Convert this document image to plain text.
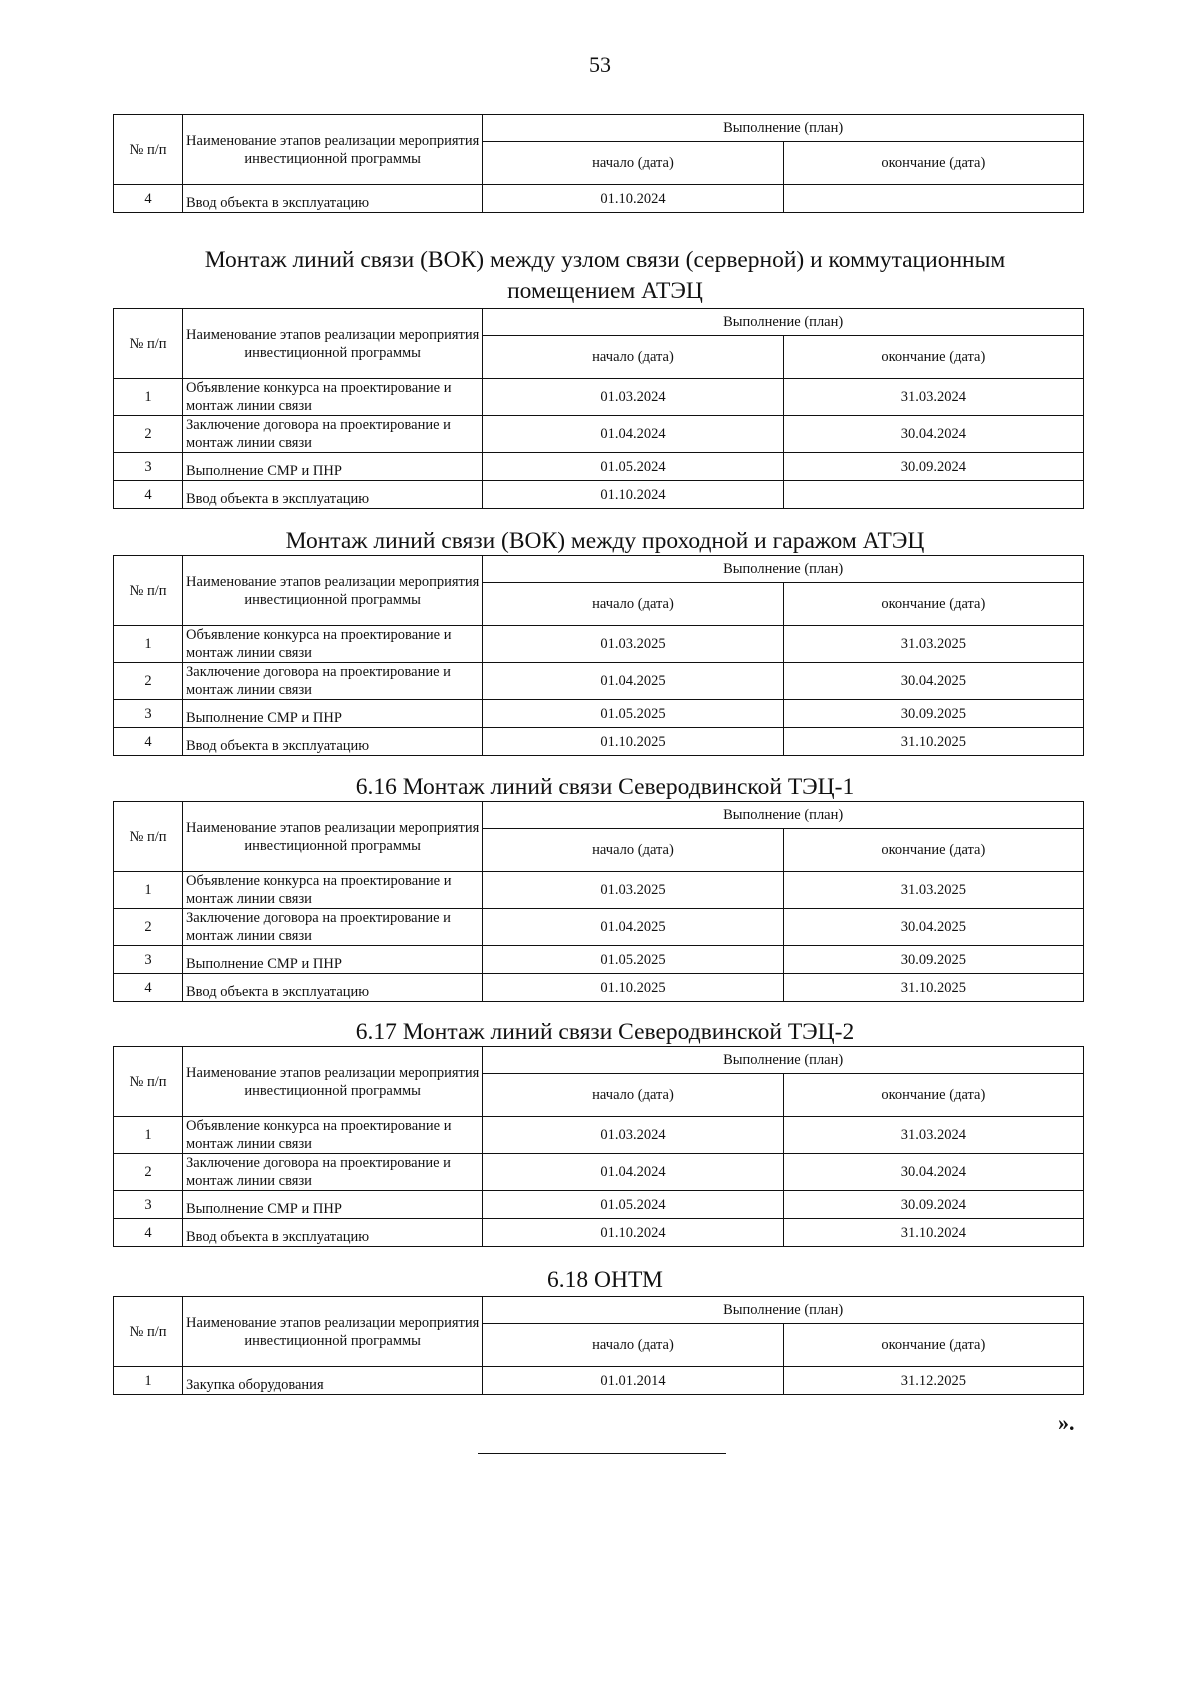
53
№ п/п	Наименование этапов реализации мероприятия инвестиционной программы	Выполнение (план)	
		начало (дата)	окончание (дата)
4	Ввод объекта в эксплуатацию	01.10.2024	
Монтаж линий связи (ВОК) между узлом связи (серверной) и коммутационным помещением АТЭЦ
№ п/п	Наименование этапов реализации мероприятия инвестиционной программы	Выполнение (план)	
		начало (дата)	окончание (дата)
1	Объявление конкурса на проектирование и монтаж линии связи	01.03.2024	31.03.2024
2	Заключение договора на проектирование и монтаж линии связи	01.04.2024	30.04.2024
3	Выполнение СМР и ПНР	01.05.2024	30.09.2024
4	Ввод объекта в эксплуатацию	01.10.2024	
Монтаж линий связи (ВОК) между проходной и гаражом АТЭЦ
№ п/п	Наименование этапов реализации мероприятия инвестиционной программы	Выполнение (план)	
		начало (дата)	окончание (дата)
1	Объявление конкурса на проектирование и монтаж линии связи	01.03.2025	31.03.2025
2	Заключение договора на проектирование и монтаж линии связи	01.04.2025	30.04.2025
3	Выполнение СМР и ПНР	01.05.2025	30.09.2025
4	Ввод объекта в эксплуатацию	01.10.2025	31.10.2025
6.16 Монтаж линий связи Северодвинской ТЭЦ-1
№ п/п	Наименование этапов реализации мероприятия инвестиционной программы	Выполнение (план)	
		начало (дата)	окончание (дата)
1	Объявление конкурса на проектирование и монтаж линии связи	01.03.2025	31.03.2025
2	Заключение договора на проектирование и монтаж линии связи	01.04.2025	30.04.2025
3	Выполнение СМР и ПНР	01.05.2025	30.09.2025
4	Ввод объекта в эксплуатацию	01.10.2025	31.10.2025
6.17 Монтаж линий связи Северодвинской ТЭЦ-2
№ п/п	Наименование этапов реализации мероприятия инвестиционной программы	Выполнение (план)	
		начало (дата)	окончание (дата)
1	Объявление конкурса на проектирование и монтаж линии связи	01.03.2024	31.03.2024
2	Заключение договора на проектирование и монтаж линии связи	01.04.2024	30.04.2024
3	Выполнение СМР и ПНР	01.05.2024	30.09.2024
4	Ввод объекта в эксплуатацию	01.10.2024	31.10.2024
6.18 ОНТМ
№ п/п	Наименование этапов реализации мероприятия инвестиционной программы	Выполнение (план)	
		начало (дата)	окончание (дата)
1	Закупка оборудования	01.01.2014	31.12.2025
».
